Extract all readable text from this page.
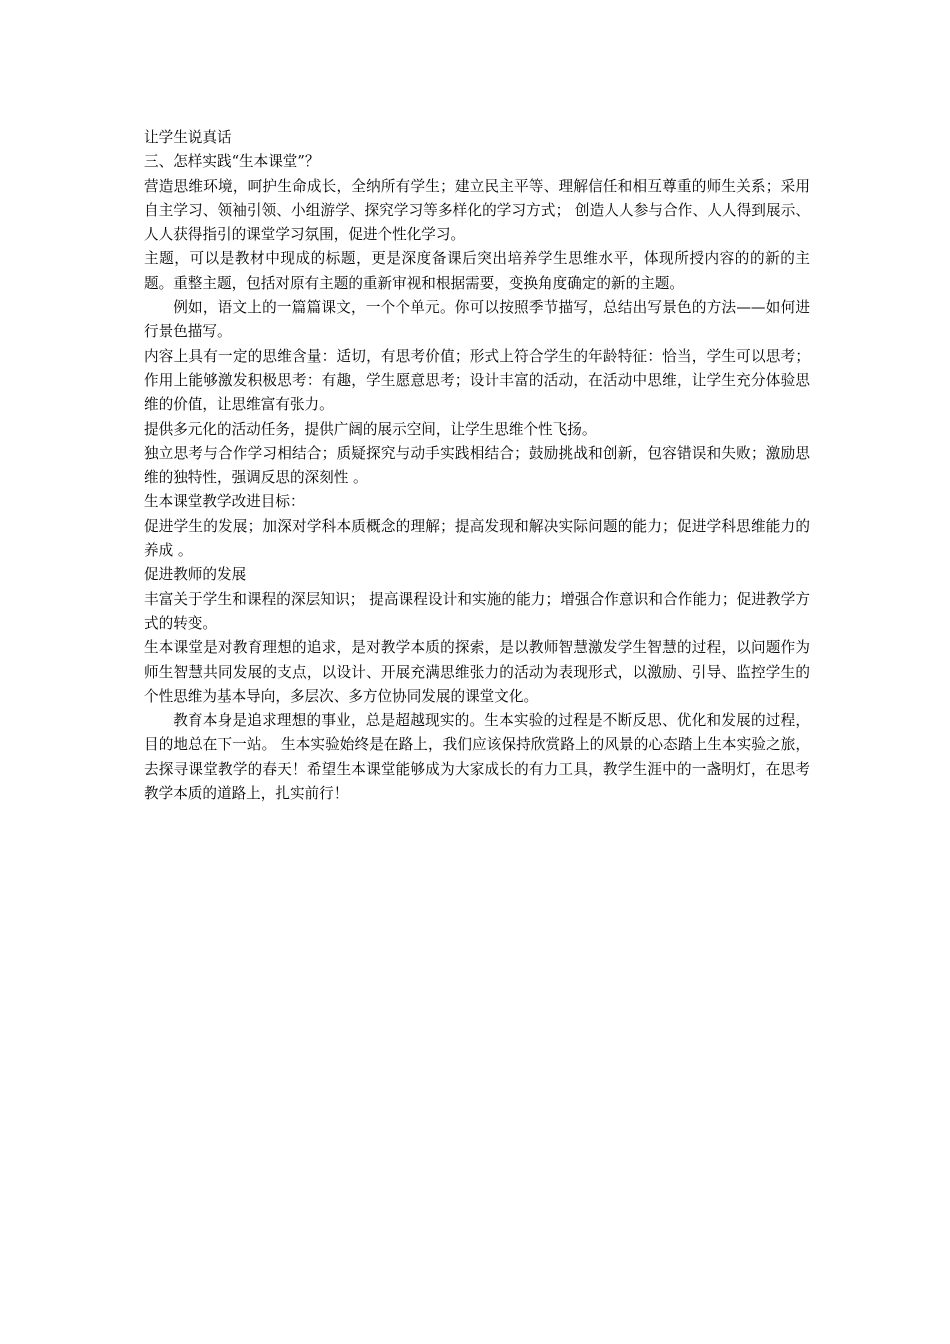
让学生说真话

三、怎样实践“生本课堂”？

营造思维环境，呵护生命成长，全纳所有学生；建立民主平等、理解信任和相互尊重的师生关系；采用自主学习、领袖引领、小组游学、探究学习等多样化的学习方式； 创造人人参与合作、人人得到展示、人人获得指引的课堂学习氛围，促进个性化学习。

主题，可以是教材中现成的标题，更是深度备课后突出培养学生思维水平，体现所授内容的的新的主题。重整主题，包括对原有主题的重新审视和根据需要，变换角度确定的新的主题。

例如，语文上的一篇篇课文，一个个单元。你可以按照季节描写，总结出写景色的方法——如何进行景色描写。

内容上具有一定的思维含量：适切，有思考价值；形式上符合学生的年龄特征：恰当，学生可以思考；作用上能够激发积极思考：有趣，学生愿意思考；设计丰富的活动，在活动中思维，让学生充分体验思维的价值，让思维富有张力。

提供多元化的活动任务，提供广阔的展示空间，让学生思维个性飞扬。

独立思考与合作学习相结合；质疑探究与动手实践相结合；鼓励挑战和创新，包容错误和失败；激励思维的独特性，强调反思的深刻性 。

生本课堂教学改进目标：

促进学生的发展；加深对学科本质概念的理解；提高发现和解决实际问题的能力；促进学科思维能力的养成 。

促进教师的发展

丰富关于学生和课程的深层知识； 提高课程设计和实施的能力；增强合作意识和合作能力；促进教学方式的转变。

生本课堂是对教育理想的追求，是对教学本质的探索，是以教师智慧激发学生智慧的过程，以问题作为师生智慧共同发展的支点，以设计、开展充满思维张力的活动为表现形式，以激励、引导、监控学生的个性思维为基本导向，多层次、多方位协同发展的课堂文化。

教育本身是追求理想的事业，总是超越现实的。生本实验的过程是不断反思、优化和发展的过程，目的地总在下一站。 生本实验始终是在路上，我们应该保持欣赏路上的风景的心态踏上生本实验之旅，去探寻课堂教学的春天！希望生本课堂能够成为大家成长的有力工具，教学生涯中的一盏明灯，在思考教学本质的道路上，扎实前行！
